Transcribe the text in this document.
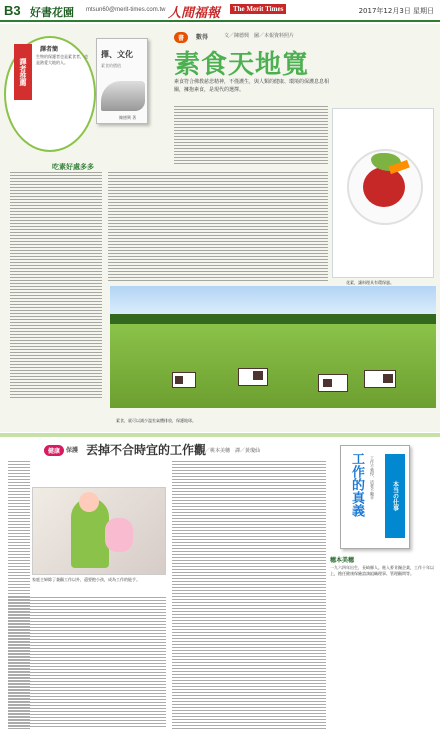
B3 好書花園 mtsun60@merit-times.com.tw 人間福報	The Merit Times	2017年12月3日 星期日
譯者推薦
譯者簡
生物的保護者也是素食者，也是熱愛大地的人。
擇、文化
素食的價值
陳德興 著
書	數得	文／陳德興　圖／本報資料照片
素食天地寬
素食符合佛教慈悲精神，不僅護生，與人類的健康、環境的保護息息相關，擁抱素食，是現代的選擇。
吃素好處多多
花素，讓料理具有環保風。
素食，就可以減少溫室氣體排放，保護地球。
健康 保護 丟掉不合時宜的工作觀
文／桃本美穗　譯／黃瓊仙
家庭主婦除了兼顧工作以外，還要抱小孩，成為工作的能手。
工作的真義	工作不強悍，活著不艱辛	本当の仕事
穗本美穗
一九六四年出生，長崎縣人。進入麥肯錫企業，工作十年以上，擔任健康保險諮詢組織理事、管理顧問等。
